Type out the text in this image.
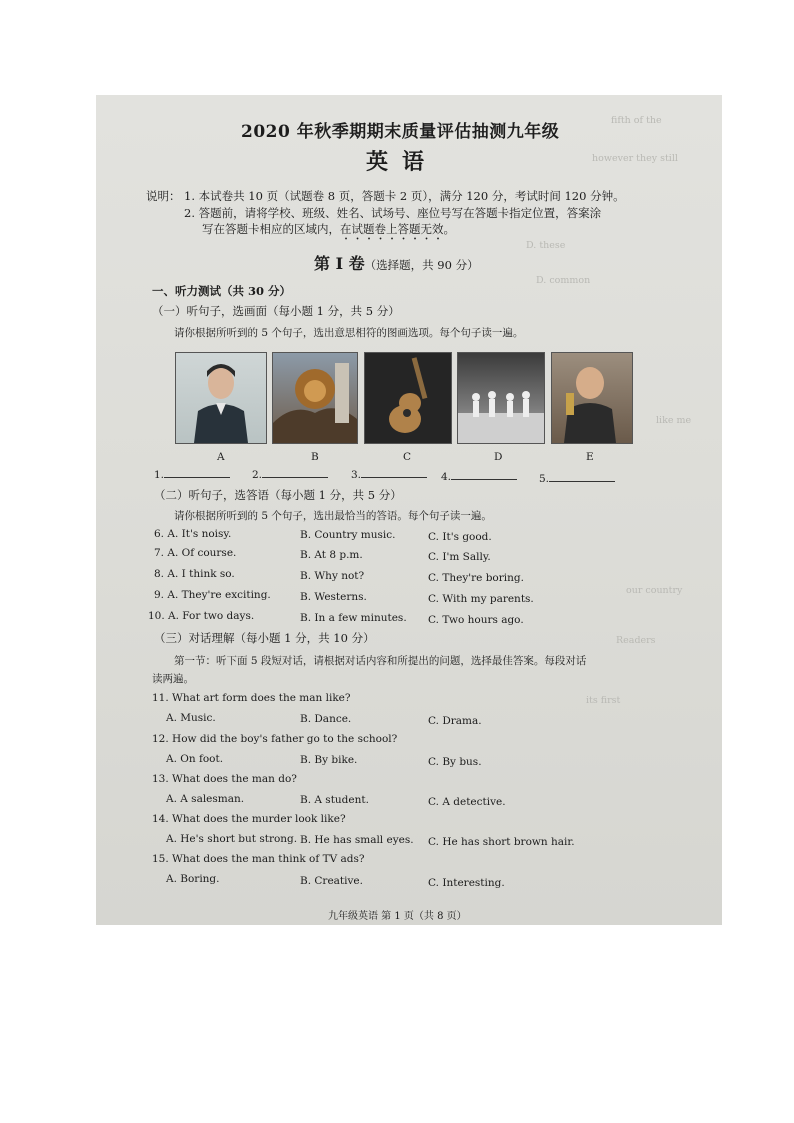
fifth of the
however they still
D. these
D. common
like me
our country
Readers
its first
2020 年秋季期期末质量评估抽测九年级
英语
说明： 1. 本试卷共 10 页（试题卷 8 页，答题卡 2 页），满分 120 分，考试时间 120 分钟。
2. 答题前，请将学校、班级、姓名、试场号、座位号写在答题卡指定位置，答案涂
写在答题卡相应的区域内，在试题卷上答题无效。
第 I 卷（选择题，共 90 分）
一、听力测试（共 30 分）
（一）听句子，选画面（每小题 1 分，共 5 分）
请你根据所听到的 5 个句子，选出意思相符的图画选项。每个句子读一遍。
A	B	C	D	E
1.	2.	3.	4.	5.
（二）听句子，选答语（每小题 1 分，共 5 分）
请你根据所听到的 5 个句子，选出最恰当的答语。每个句子读一遍。
6. A. It's noisy.	B. Country music.	C. It's good.
7. A. Of course.	B. At 8 p.m.	C. I'm Sally.
8. A. I think so.	B. Why not?	C. They're boring.
9. A. They're exciting.	B. Westerns.	C. With my parents.
10. A. For two days.	B. In a few minutes. C. Two hours ago.
（三）对话理解（每小题 1 分，共 10 分）
第一节：听下面 5 段短对话，请根据对话内容和所提出的问题，选择最佳答案。每段对话
读两遍。
11. What art form does the man like?
A. Music.	B. Dance.	C. Drama.
12. How did the boy's father go to the school?
A. On foot.	B. By bike.	C. By bus.
13. What does the man do?
A. A salesman.	B. A student.	C. A detective.
14. What does the murder look like?
A. He's short but strong. B. He has small eyes. C. He has short brown hair.
15. What does the man think of TV ads?
A. Boring.	B. Creative.	C. Interesting.
九年级英语 第 1 页（共 8 页）
